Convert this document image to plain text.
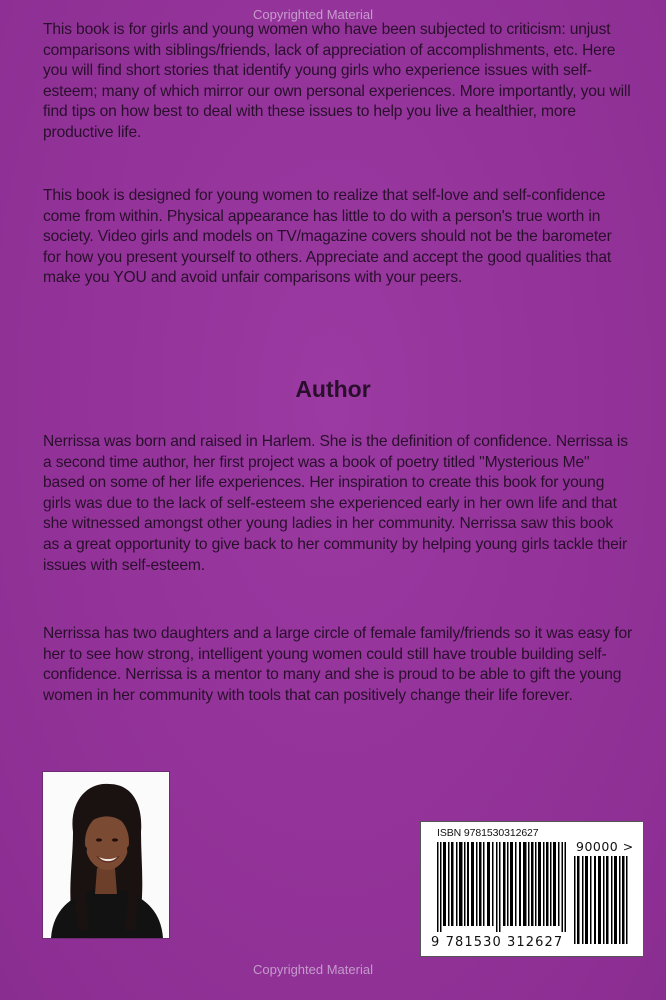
Copyrighted Material

This book is for girls and young women who have been subjected to criticism: unjust comparisons with siblings/friends, lack of appreciation of accomplishments, etc. Here you will find short stories that identify young girls who experience issues with self-esteem; many of which mirror our own personal experiences. More importantly, you will find tips on how best to deal with these issues to help you live a healthier, more productive life.

This book is designed for young women to realize that self-love and self-confidence come from within. Physical appearance has little to do with a person's true worth in society. Video girls and models on TV/magazine covers should not be the barometer for how you present yourself to others. Appreciate and accept the good qualities that make you YOU and avoid unfair comparisons with your peers.

Author

Nerrissa was born and raised in Harlem. She is the definition of confidence. Nerrissa is a second time author, her first project was a book of poetry titled "Mysterious Me" based on some of her life experiences. Her inspiration to create this book for young girls was due to the lack of self-esteem she experienced early in her own life and that she witnessed amongst other young ladies in her community. Nerrissa saw this book as a great opportunity to give back to her community by helping young girls tackle their issues with self-esteem.

Nerrissa has two daughters and a large circle of female family/friends so it was easy for her to see how strong, intelligent young women could still have trouble building self-confidence. Nerrissa is a mentor to many and she is proud to be able to gift the young women in her community with tools that can positively change their life forever.

ISBN 9781530312627
9 781530 312627
90000 >
Copyrighted Material
